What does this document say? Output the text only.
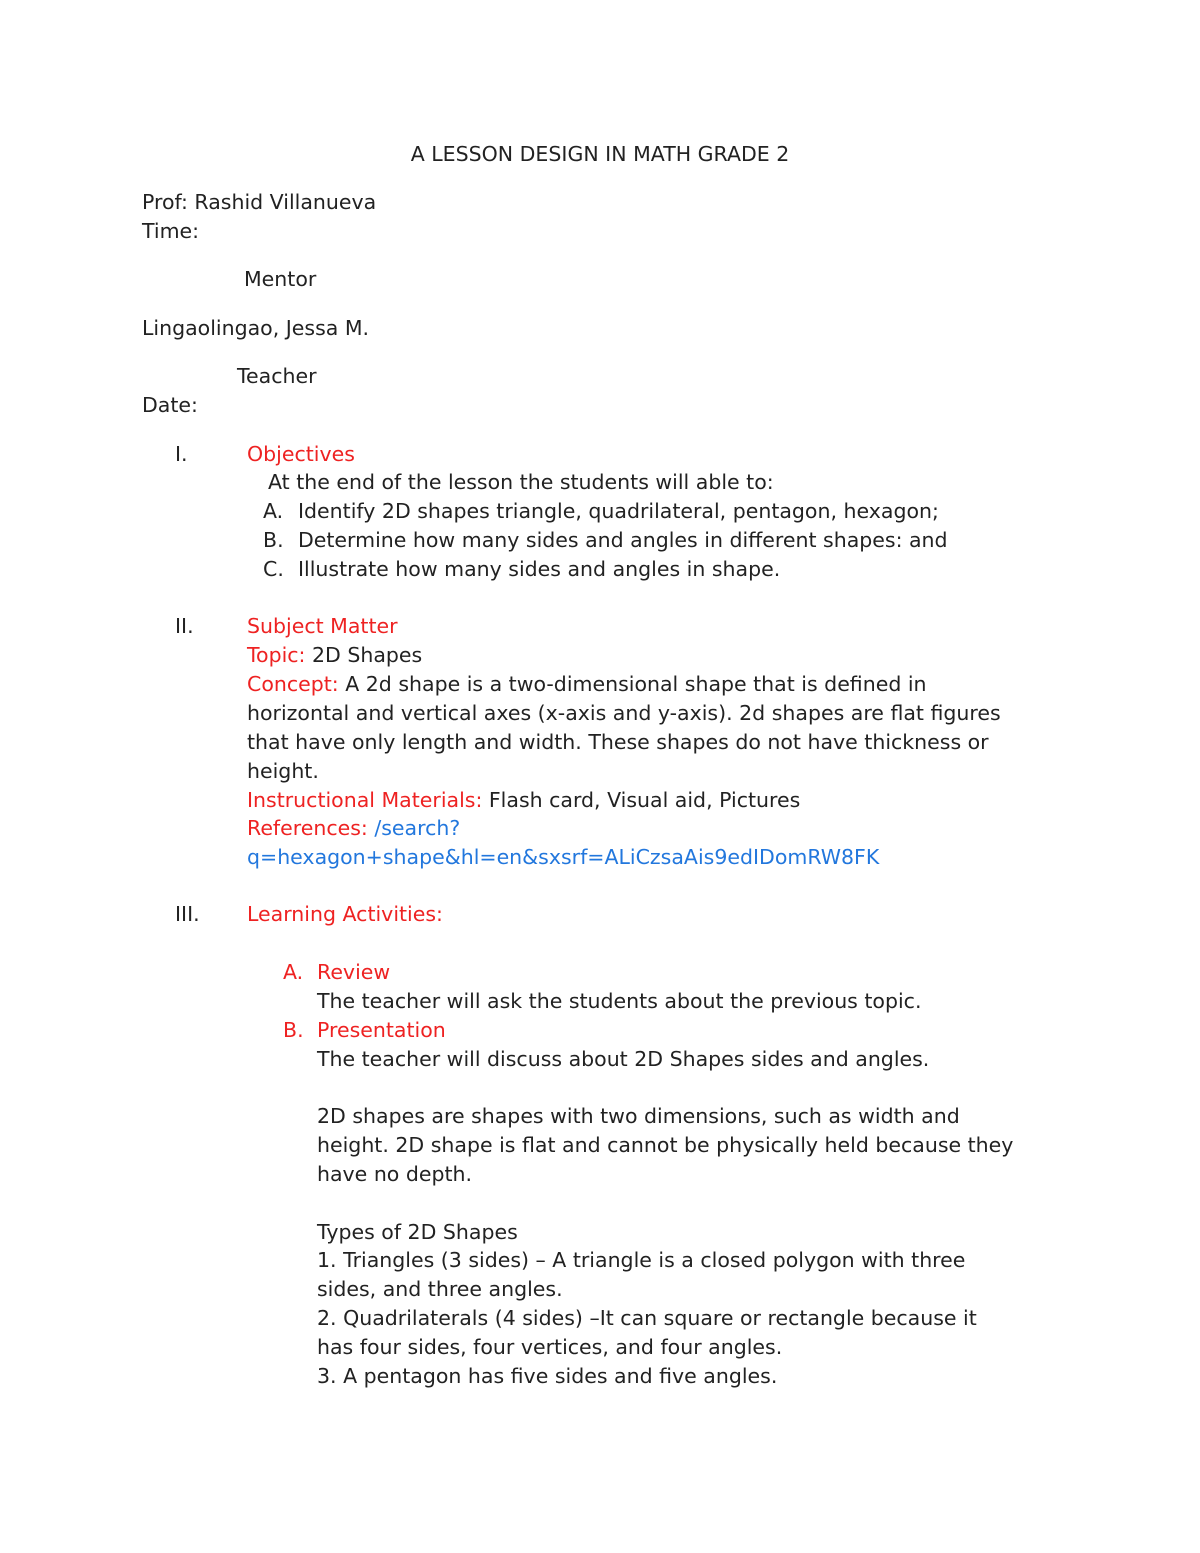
A LESSON DESIGN IN MATH GRADE 2
Prof: Rashid Villanueva
Time:
Mentor
Lingaolingao, Jessa M.
Teacher
Date:
I.	Objectives
At the end of the lesson the students will able to:
A. Identify 2D shapes triangle, quadrilateral, pentagon, hexagon;
B. Determine how many sides and angles in different shapes: and
C. Illustrate how many sides and angles in shape.
II.	Subject Matter
Topic: 2D Shapes
Concept: A 2d shape is a two-dimensional shape that is defined in
horizontal and vertical axes (x-axis and y-axis). 2d shapes are flat figures
that have only length and width. These shapes do not have thickness or
height.
Instructional Materials: Flash card, Visual aid, Pictures
References: /search?
q=hexagon+shape&hl=en&sxsrf=ALiCzsaAis9edIDomRW8FK
III. Learning Activities:
A. Review
The teacher will ask the students about the previous topic.
B. Presentation
The teacher will discuss about 2D Shapes sides and angles.
2D shapes are shapes with two dimensions, such as width and
height. 2D shape is flat and cannot be physically held because they
have no depth.
Types of 2D Shapes
1. Triangles (3 sides) – A triangle is a closed polygon with three
sides, and three angles.
2. Quadrilaterals (4 sides) –It can square or rectangle because it
has four sides, four vertices, and four angles.
3. A pentagon has five sides and five angles.
